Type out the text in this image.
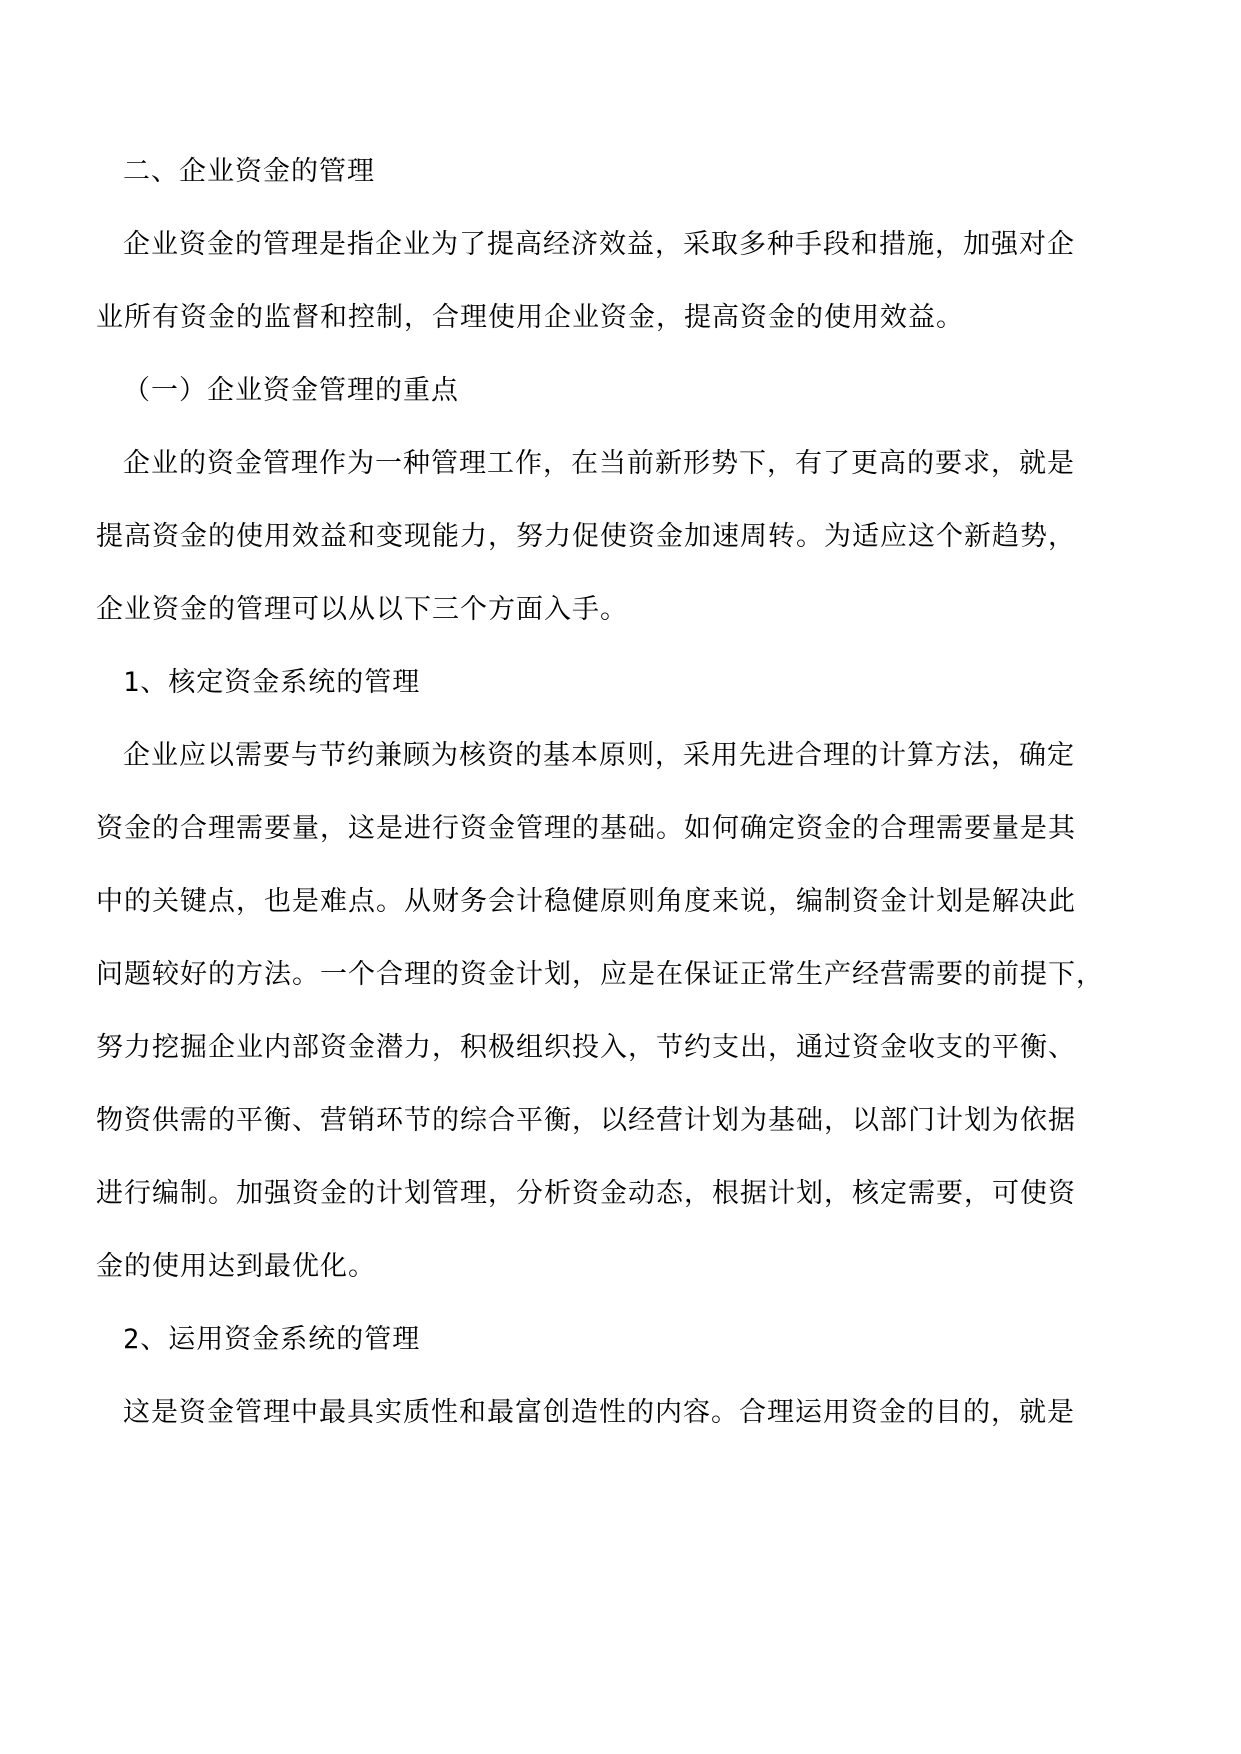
二、企业资金的管理
企业资金的管理是指企业为了提高经济效益，采取多种手段和措施，加强对企
业所有资金的监督和控制，合理使用企业资金，提高资金的使用效益。
（一）企业资金管理的重点
企业的资金管理作为一种管理工作，在当前新形势下，有了更高的要求，就是
提高资金的使用效益和变现能力，努力促使资金加速周转。为适应这个新趋势，
企业资金的管理可以从以下三个方面入手。
1、核定资金系统的管理
企业应以需要与节约兼顾为核资的基本原则，采用先进合理的计算方法，确定
资金的合理需要量，这是进行资金管理的基础。如何确定资金的合理需要量是其
中的关键点，也是难点。从财务会计稳健原则角度来说，编制资金计划是解决此
问题较好的方法。一个合理的资金计划，应是在保证正常生产经营需要的前提下，
努力挖掘企业内部资金潜力，积极组织投入，节约支出，通过资金收支的平衡、
物资供需的平衡、营销环节的综合平衡，以经营计划为基础，以部门计划为依据
进行编制。加强资金的计划管理，分析资金动态，根据计划，核定需要，可使资
金的使用达到最优化。
2、运用资金系统的管理
这是资金管理中最具实质性和最富创造性的内容。合理运用资金的目的，就是
